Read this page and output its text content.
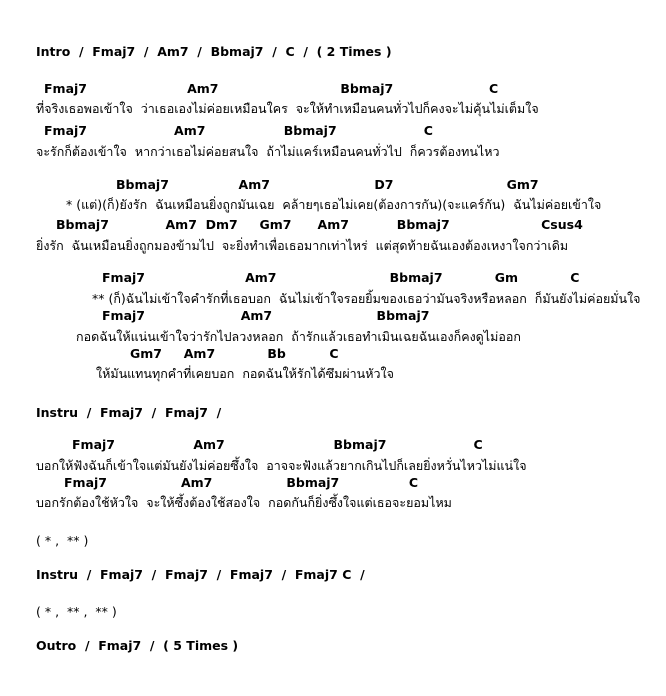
Intro  /  Fmaj7  /  Am7  /  Bbmaj7  /  C  /  ( 2 Times )
Fmaj7                       Am7                            Bbmaj7                      C
ที่จริงเธอพอเข้าใจ  ว่าเธอเองไม่ค่อยเหมือนใคร  จะให้ทำเหมือนคนทั่วไปก็คงจะไม่คุ้นไม่เต็มใจ
Fmaj7                    Am7                  Bbmaj7                    C
จะรักก็ต้องเข้าใจ  หากว่าเธอไม่ค่อยสนใจ  ถ้าไม่แคร์เหมือนคนทั่วไป  ก็ควรต้องทนไหว
Bbmaj7                Am7                        D7                          Gm7
* (แต่)(ก็)ยังรัก  ฉันเหมือนยิ่งถูกมันเฉย  คล้ายๆเธอไม่เคย(ต้องการกัน)(จะแคร์กัน)  ฉันไม่ค่อยเข้าใจ
Bbmaj7             Am7  Dm7     Gm7      Am7           Bbmaj7                     Csus4
ยิ่งรัก  ฉันเหมือนยิ่งถูกมองข้ามไป  จะยิ่งทำเพื่อเธอมากเท่าไหร่  แต่สุดท้ายฉันเองต้องเหงาใจกว่าเดิม
Fmaj7                       Am7                          Bbmaj7            Gm            C
** (ก็)ฉันไม่เข้าใจคำรักที่เธอบอก  ฉันไม่เข้าใจรอยยิ้มของเธอว่ามันจริงหรือหลอก  ก็มันยังไม่ค่อยมั่นใจ
Fmaj7                      Am7                        Bbmaj7
กอดฉันให้แน่นเข้าใจว่ารักไปลวงหลอก  ถ้ารักแล้วเธอทำเมินเฉยฉันเองก็คงดูไม่ออก
Gm7     Am7            Bb          C
ให้มันแทนทุกคำที่เคยบอก  กอดฉันให้รักได้ซึมผ่านหัวใจ
Instru  /  Fmaj7  /  Fmaj7  /
Fmaj7                  Am7                         Bbmaj7                    C
บอกให้ฟังฉันก็เข้าใจแต่มันยังไม่ค่อยซึ้งใจ  อาจจะฟังแล้วยากเกินไปก็เลยยิ่งหวั่นไหวไม่แน่ใจ
Fmaj7                 Am7                 Bbmaj7                C
บอกรักต้องใช้หัวใจ  จะให้ซึ้งต้องใช้สองใจ  กอดกันก็ยิ่งซึ้งใจแต่เธอจะยอมไหม
( * ,  ** )
Instru  /  Fmaj7  /  Fmaj7  /  Fmaj7  /  Fmaj7 C  /
( * ,  ** ,  ** )
Outro  /  Fmaj7  /  ( 5 Times )
